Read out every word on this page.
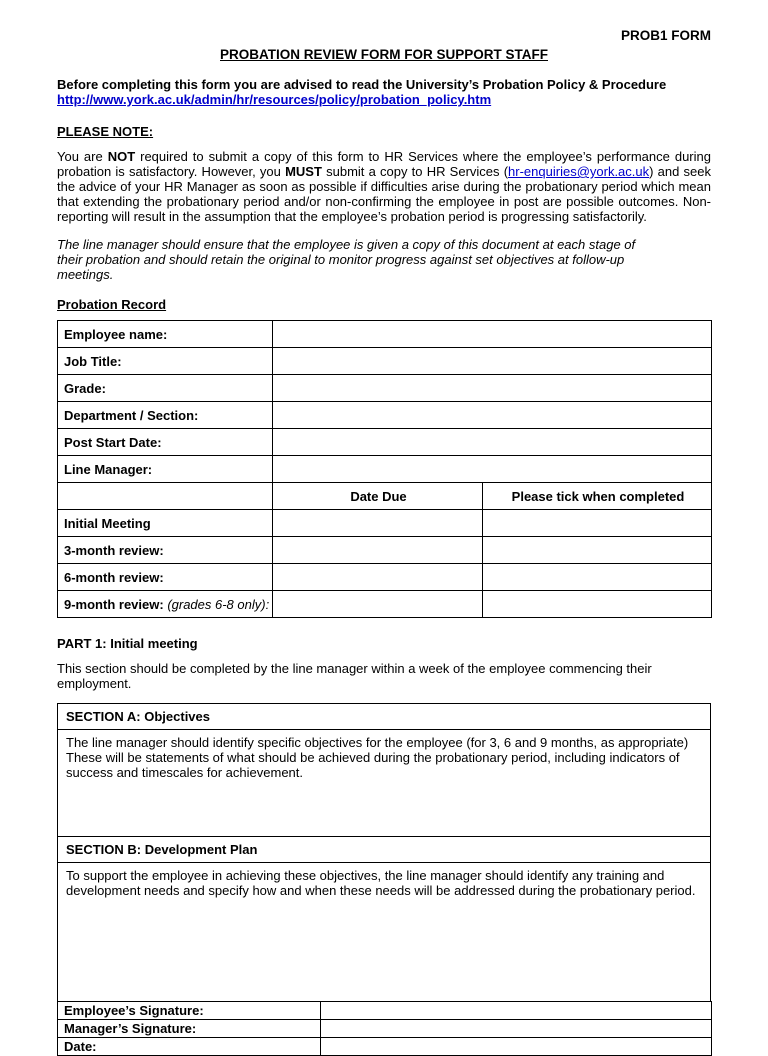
PROB1 FORM
PROBATION REVIEW FORM FOR SUPPORT STAFF
Before completing this form you are advised to read the University’s Probation Policy & Procedure
http://www.york.ac.uk/admin/hr/resources/policy/probation_policy.htm
PLEASE NOTE:

You are NOT required to submit a copy of this form to HR Services where the employee’s performance during probation is satisfactory. However, you MUST submit a copy to HR Services (hr-enquiries@york.ac.uk) and seek the advice of your HR Manager as soon as possible if difficulties arise during the probationary period which mean that extending the probationary period and/or non-confirming the employee in post are possible outcomes. Non-reporting will result in the assumption that the employee’s probation period is progressing satisfactorily.

The line manager should ensure that the employee is given a copy of this document at each stage of their probation and should retain the original to monitor progress against set objectives at follow-up meetings.

Probation Record
Employee name:		
Job Title:		
Grade:		
Department / Section:		
Post Start Date:		
Line Manager:		
	Date Due	Please tick when completed
Initial Meeting		
3-month review:		
6-month review:		
9-month review: (grades 6-8 only):		
PART 1: Initial meeting

This section should be completed by the line manager within a week of the employee commencing their employment.

SECTION A: Objectives

The line manager should identify specific objectives for the employee (for 3, 6 and 9 months, as appropriate) These will be statements of what should be achieved during the probationary period, including indicators of success and timescales for achievement.

SECTION B: Development Plan

To support the employee in achieving these objectives, the line manager should identify any training and development needs and specify how and when these needs will be addressed during the probationary period.

Employee’s Signature:	
Manager’s Signature:	
Date:	
